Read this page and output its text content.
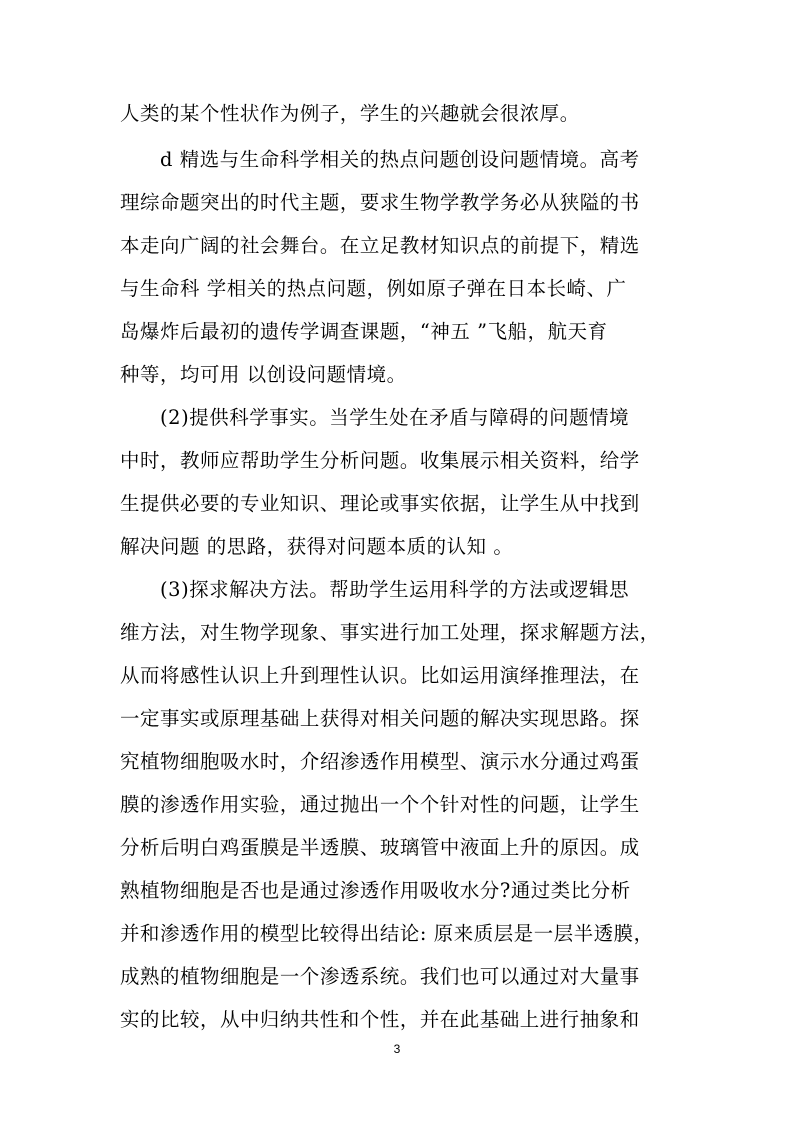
人类的某个性状作为例子，学生的兴趣就会很浓厚。
d 精选与生命科学相关的热点问题创设问题情境。高考
理综命题突出的时代主题，要求生物学教学务必从狭隘的书
本走向广阔的社会舞台。在立足教材知识点的前提下，精选
与生命科 学相关的热点问题，例如原子弹在日本长崎、广
岛爆炸后最初的遗传学调查课题，“神五 ”飞船，航天育
种等，均可用 以创设问题情境。
(2)提供科学事实。当学生处在矛盾与障碍的问题情境
中时，教师应帮助学生分析问题。收集展示相关资料，给学
生提供必要的专业知识、理论或事实依据，让学生从中找到
解决问题 的思路，获得对问题本质的认知 。
(3)探求解决方法。帮助学生运用科学的方法或逻辑思
维方法，对生物学现象、事实进行加工处理，探求解题方法，
从而将感性认识上升到理性认识。比如运用演绎推理法，在
一定事实或原理基础上获得对相关问题的解决实现思路。探
究植物细胞吸水时，介绍渗透作用模型、演示水分通过鸡蛋
膜的渗透作用实验，通过抛出一个个针对性的问题，让学生
分析后明白鸡蛋膜是半透膜、玻璃管中液面上升的原因。成
熟植物细胞是否也是通过渗透作用吸收水分?通过类比分析
并和渗透作用的模型比较得出结论: 原来质层是一层半透膜，
成熟的植物细胞是一个渗透系统。我们也可以通过对大量事
实的比较，从中归纳共性和个性，并在此基础上进行抽象和
3
